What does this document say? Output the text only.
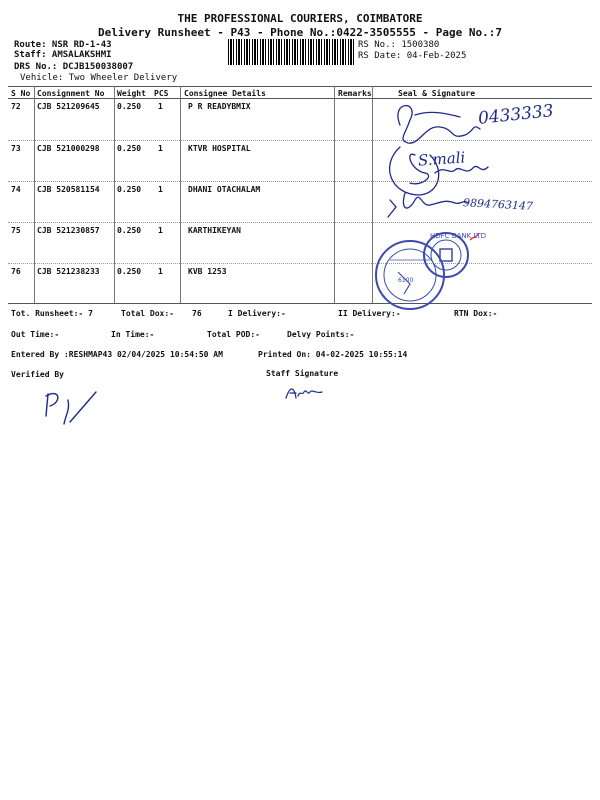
THE PROFESSIONAL COURIERS, COIMBATORE
Delivery Runsheet - P43 - Phone No.:0422-3505555 - Page No.:7
Route: NSR RD-1-43
Staff: AMSALAKSHMI
DRS No.: DCJB150038007
Vehicle: Two Wheeler Delivery
RS No.: 1500380
RS Date: 04-Feb-2025
S No Consignment No Weight PCS Consignee Details	Remarks	Seal & Signature
72 CJB 521209645 0.250 1	P R READYBMIX
73 CJB 521000298 0.250 1	KTVR HOSPITAL
74 CJB 520581154 0.250 1	DHANI OTACHALAM
75 CJB 521230857 0.250 1	KARTHIKEYAN
76 CJB 521238233 0.250 1	KVB 1253
0433333
S.mali
9894763147
HDFC BANK LTD
6100
Tot. Runsheet:- 7	Total Dox:- 76	I Delivery:-	II Delivery:-	RTN Dox:-
Out Time:-	In Time:-	Total POD:-	Delvy Points:-
Entered By :RESHMAP43 02/04/2025 10:54:50 AM	Printed On: 04-02-2025 10:55:14
Verified By	Staff Signature
